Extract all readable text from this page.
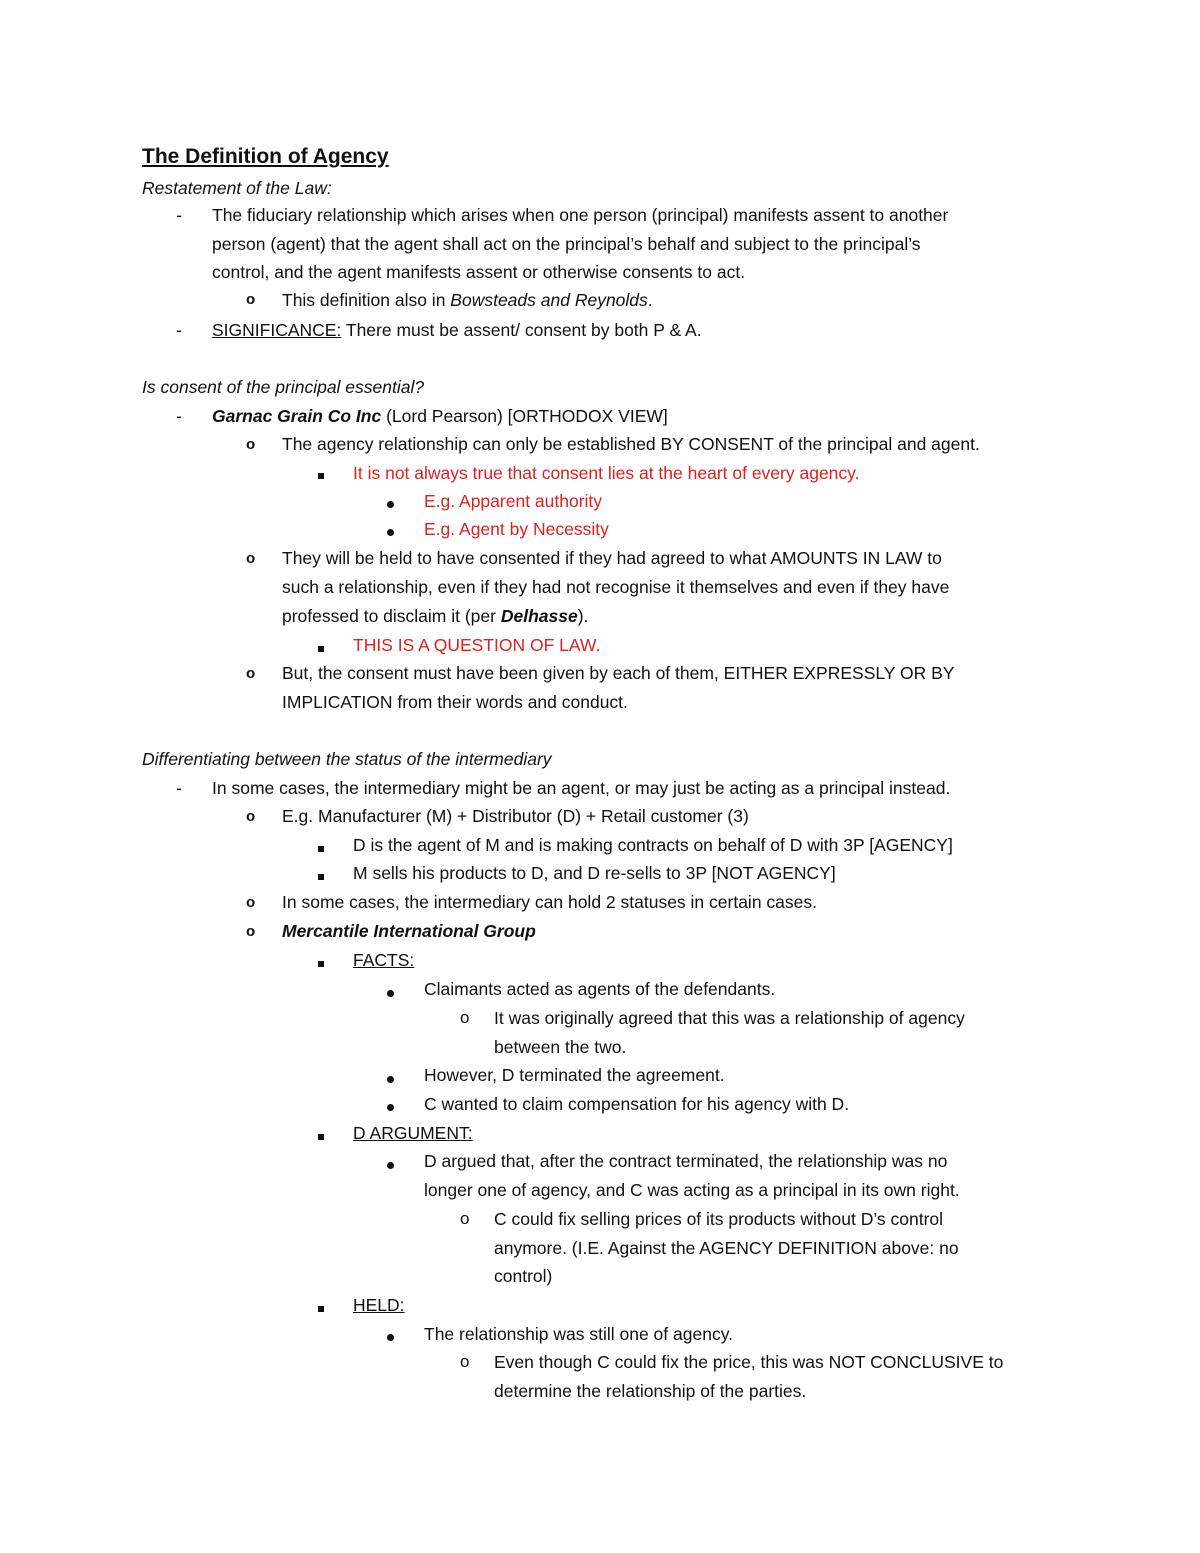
The Definition of Agency
Restatement of the Law:
- The fiduciary relationship which arises when one person (principal) manifests assent to another
person (agent) that the agent shall act on the principal’s behalf and subject to the principal’s
control, and the agent manifests assent or otherwise consents to act.
o This definition also in Bowsteads and Reynolds.
- SIGNIFICANCE: There must be assent/ consent by both P & A.
Is consent of the principal essential?
- Garnac Grain Co Inc (Lord Pearson) [ORTHODOX VIEW]
o The agency relationship can only be established BY CONSENT of the principal and agent.
It is not always true that consent lies at the heart of every agency.
E.g. Apparent authority
E.g. Agent by Necessity
o They will be held to have consented if they had agreed to what AMOUNTS IN LAW to
such a relationship, even if they had not recognise it themselves and even if they have
professed to disclaim it (per Delhasse).
THIS IS A QUESTION OF LAW.
o But, the consent must have been given by each of them, EITHER EXPRESSLY OR BY
IMPLICATION from their words and conduct.
Differentiating between the status of the intermediary
- In some cases, the intermediary might be an agent, or may just be acting as a principal instead.
o E.g. Manufacturer (M) + Distributor (D) + Retail customer (3)
D is the agent of M and is making contracts on behalf of D with 3P [AGENCY]
M sells his products to D, and D re-sells to 3P [NOT AGENCY]
o In some cases, the intermediary can hold 2 statuses in certain cases.
o Mercantile International Group
FACTS:
Claimants acted as agents of the defendants.
o It was originally agreed that this was a relationship of agency
between the two.
However, D terminated the agreement.
C wanted to claim compensation for his agency with D.
D ARGUMENT:
D argued that, after the contract terminated, the relationship was no
longer one of agency, and C was acting as a principal in its own right.
o C could fix selling prices of its products without D’s control
anymore. (I.E. Against the AGENCY DEFINITION above: no
control)
HELD:
The relationship was still one of agency.
o Even though C could fix the price, this was NOT CONCLUSIVE to
determine the relationship of the parties.
